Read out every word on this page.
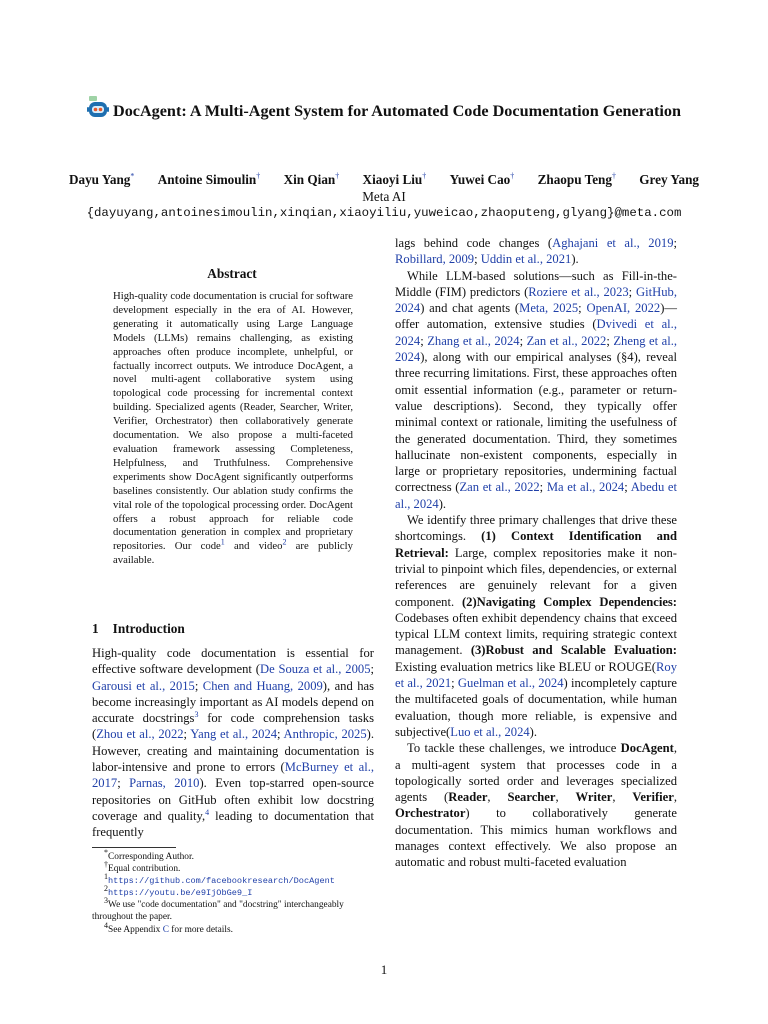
DocAgent: A Multi-Agent System for Automated Code Documentation Generation
Dayu Yang* Antoine Simoulin† Xin Qian† Xiaoyi Liu† Yuwei Cao† Zhaopu Teng† Grey Yang
Meta AI
{dayuyang,antoinesimoulin,xinqian,xiaoyiliu,yuweicao,zhaoputeng,glyang}@meta.com
Abstract
High-quality code documentation is crucial for software development especially in the era of AI. However, generating it automatically using Large Language Models (LLMs) remains challenging, as existing approaches often produce incomplete, unhelpful, or factually incorrect outputs. We introduce DocAgent, a novel multi-agent collaborative system using topological code processing for incremental context building. Specialized agents (Reader, Searcher, Writer, Verifier, Orchestrator) then collaboratively generate documentation. We also propose a multi-faceted evaluation framework assessing Completeness, Helpfulness, and Truthfulness. Comprehensive experiments show DocAgent significantly outperforms baselines consistently. Our ablation study confirms the vital role of the topological processing order. DocAgent offers a robust approach for reliable code documentation generation in complex and proprietary repositories. Our code$^1$ and video$^2$ are publicly available.
1 Introduction

High-quality code documentation is essential for effective software development (De Souza et al., 2005; Garousi et al., 2015; Chen and Huang, 2009), and has become increasingly important as AI models depend on accurate docstrings$^3$ for code comprehension tasks (Zhou et al., 2022; Yang et al., 2024; Anthropic, 2025). However, creating and maintaining documentation is labor-intensive and prone to errors (McBurney et al., 2017; Parnas, 2010). Even top-starred open-source repositories on GitHub often exhibit low docstring coverage and quality,$^4$ leading to documentation that frequently

lags behind code changes (Aghajani et al., 2019; Robillard, 2009; Uddin et al., 2021).

While LLM-based solutions—such as Fill-in-the-Middle (FIM) predictors (Roziere et al., 2023; GitHub, 2024) and chat agents (Meta, 2025; OpenAI, 2022)—offer automation, extensive studies (Dvivedi et al., 2024; Zhang et al., 2024; Zan et al., 2022; Zheng et al., 2024), along with our empirical analyses (§4), reveal three recurring limitations. First, these approaches often omit essential information (e.g., parameter or return-value descriptions). Second, they typically offer minimal context or rationale, limiting the usefulness of the generated documentation. Third, they sometimes hallucinate non-existent components, especially in large or proprietary repositories, undermining factual correctness (Zan et al., 2022; Ma et al., 2024; Abedu et al., 2024).

We identify three primary challenges that drive these shortcomings. (1) Context Identification and Retrieval: Large, complex repositories make it non-trivial to pinpoint which files, dependencies, or external references are genuinely relevant for a given component. (2)Navigating Complex Dependencies: Codebases often exhibit dependency chains that exceed typical LLM context limits, requiring strategic context management. (3)Robust and Scalable Evaluation: Existing evaluation metrics like BLEU or ROUGE(Roy et al., 2021; Guelman et al., 2024) incompletely capture the multifaceted goals of documentation, while human evaluation, though more reliable, is expensive and subjective(Luo et al., 2024).

To tackle these challenges, we introduce DocAgent, a multi-agent system that processes code in a topologically sorted order and leverages specialized agents (Reader, Searcher, Writer, Verifier, Orchestrator) to collaboratively generate documentation. This mimics human workflows and manages context effectively. We also propose an automatic and robust multi-faceted evaluation

*Corresponding Author.
†Equal contribution.
$^1$https://github.com/facebookresearch/DocAgent
$^2$https://youtu.be/e9IjObGe9_I
$^3$We use "code documentation" and "docstring" interchangeably throughout the paper.
$^4$See Appendix C for more details.
1
